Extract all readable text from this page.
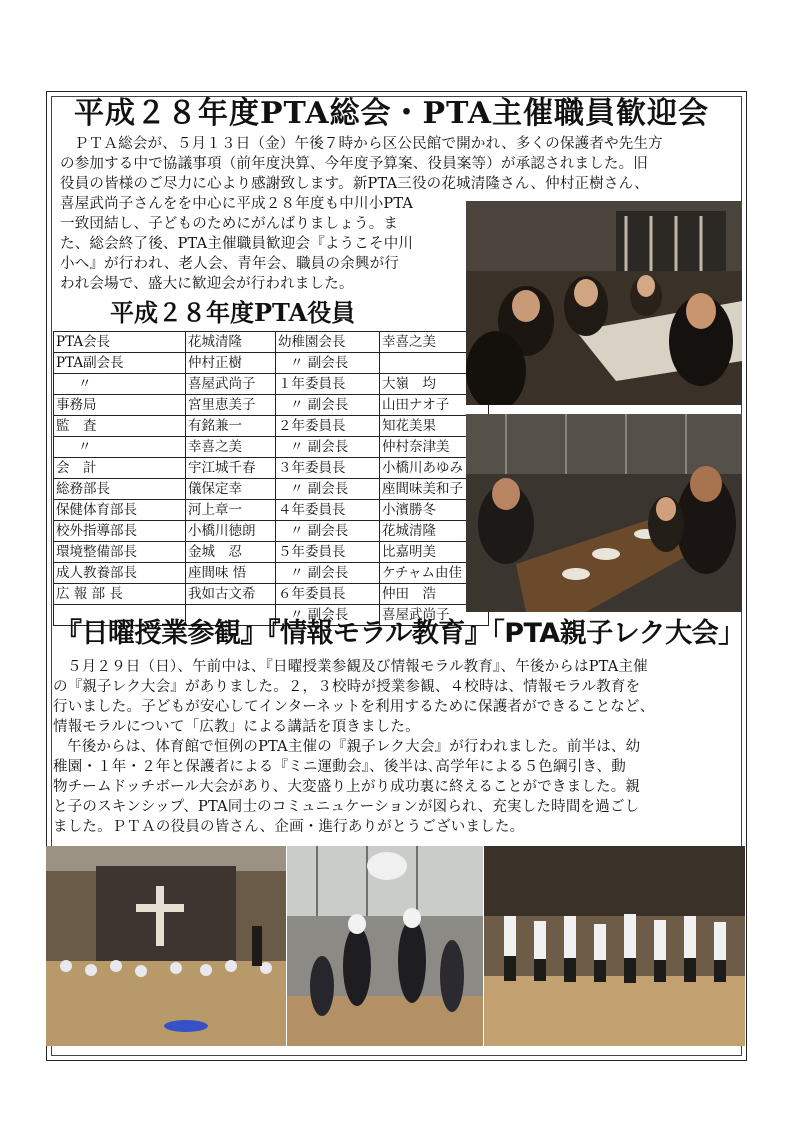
平成２８年度PTA総会・PTA主催職員歓迎会
ＰＴＡ総会が、５月１３日（金）午後７時から区公民館で開かれ、多くの保護者や先生方
の参加する中で協議事項（前年度決算、今年度予算案、役員案等）が承認されました。旧
役員の皆様のご尽力に心より感謝致します。新PTA三役の花城清隆さん、仲村正樹さん、
喜屋武尚子さんをを中心に平成２８年度も中川小PTA
一致団結し、子どものためにがんばりましょう。ま
た、総会終了後、PTA主催職員歓迎会『ようこそ中川
小へ』が行われ、老人会、青年会、職員の余興が行
われ会場で、盛大に歓迎会が行われました。
平成２８年度PTA役員
PTA会長	花城清隆	幼稚園会長	幸喜之美
PTA副会長	仲村正樹	〃 副会長	
〃	喜屋武尚子	１年委員長	大嶺　均
事務局	宮里恵美子	〃 副会長	山田ナオ子
監　査	有銘兼一	２年委員長	知花美果
〃	幸喜之美	〃 副会長	仲村奈津美
会　計	宇江城千春	３年委員長	小橋川あゆみ
総務部長	儀保定幸	〃 副会長	座間味美和子
保健体育部長	河上章一	４年委員長	小濱勝冬
校外指導部長	小橋川徳朗	〃 副会長	花城清隆
環境整備部長	金城　忍	５年委員長	比嘉明美
成人教養部長	座間味 悟	〃 副会長	ケチャム由佳
広 報 部 長	我如古文希	６年委員長	仲田　浩
		〃 副会長	喜屋武尚子
『日曜授業参観』『情報モラル教育』「PTA親子レク大会」
５月２９日（日）、午前中は、『日曜授業参観及び情報モラル教育』、午後からはPTA主催
の『親子レク大会』がありました。２，３校時が授業参観、４校時は、情報モラル教育を
行いました。子どもが安心してインターネットを利用するために保護者ができることなど、
情報モラルについて「広教」による講話を頂きました。
午後からは、体育館で恒例のPTA主催の『親子レク大会』が行われました。前半は、幼
稚園・１年・２年と保護者による『ミニ運動会』、後半は､高学年による５色綱引き、動
物チームドッチボール大会があり、大変盛り上がり成功裏に終えることができました。親
と子のスキンシップ、PTA同士のコミュニュケーションが図られ、充実した時間を過ごし
ました。ＰＴＡの役員の皆さん、企画・進行ありがとうございました。
